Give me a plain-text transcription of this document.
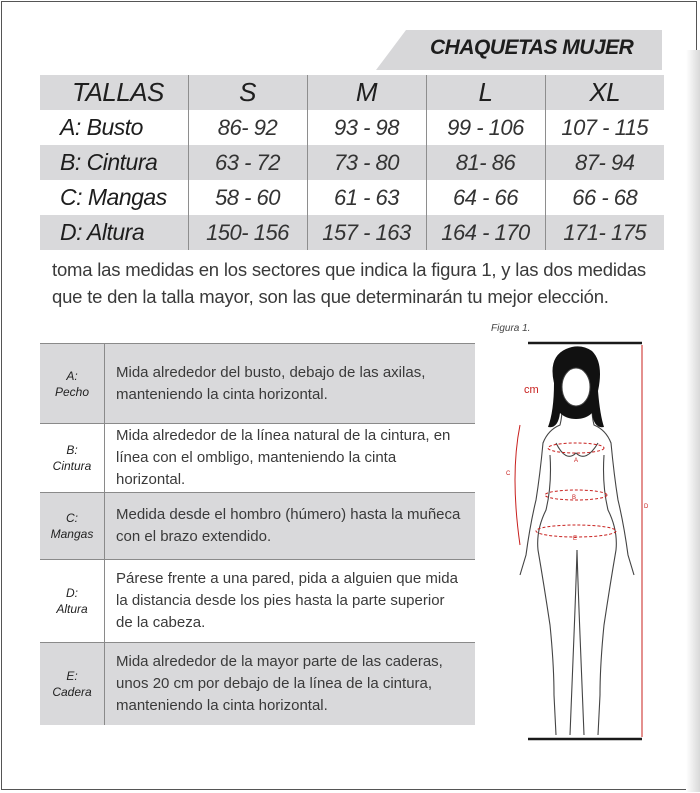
CHAQUETAS MUJER
TALLAS	S	M	L	XL
A: Busto	86- 92	93 - 98	99 - 106	107 - 115
B: Cintura	63 - 72	73 - 80	81- 86	87- 94
C: Mangas	58 - 60	61 - 63	64 - 66	66 - 68
D: Altura	150- 156	157 - 163	164 - 170	171- 175
toma las medidas en los sectores que indica la figura 1, y las dos medidas
que te den la talla mayor, son las que determinarán tu mejor elección.
Figura 1.
A:
Pecho
Mida alrededor del busto, debajo de las axilas, manteniendo la cinta horizontal.
B:
Cintura
Mida alrededor de la línea natural de la cintura, en línea con el ombligo, manteniendo la cinta horizontal.
C:
Mangas
Medida desde el hombro (húmero) hasta la muñeca con el brazo extendido.
D:
Altura
Párese frente a una pared, pida a alguien que mida la distancia desde los pies hasta la parte superior de la cabeza.
E:
Cadera
Mida alrededor de la mayor parte de las caderas, unos 20 cm por debajo de la línea de la cintura, manteniendo la cinta horizontal.
A
B
C
D
E
cm
